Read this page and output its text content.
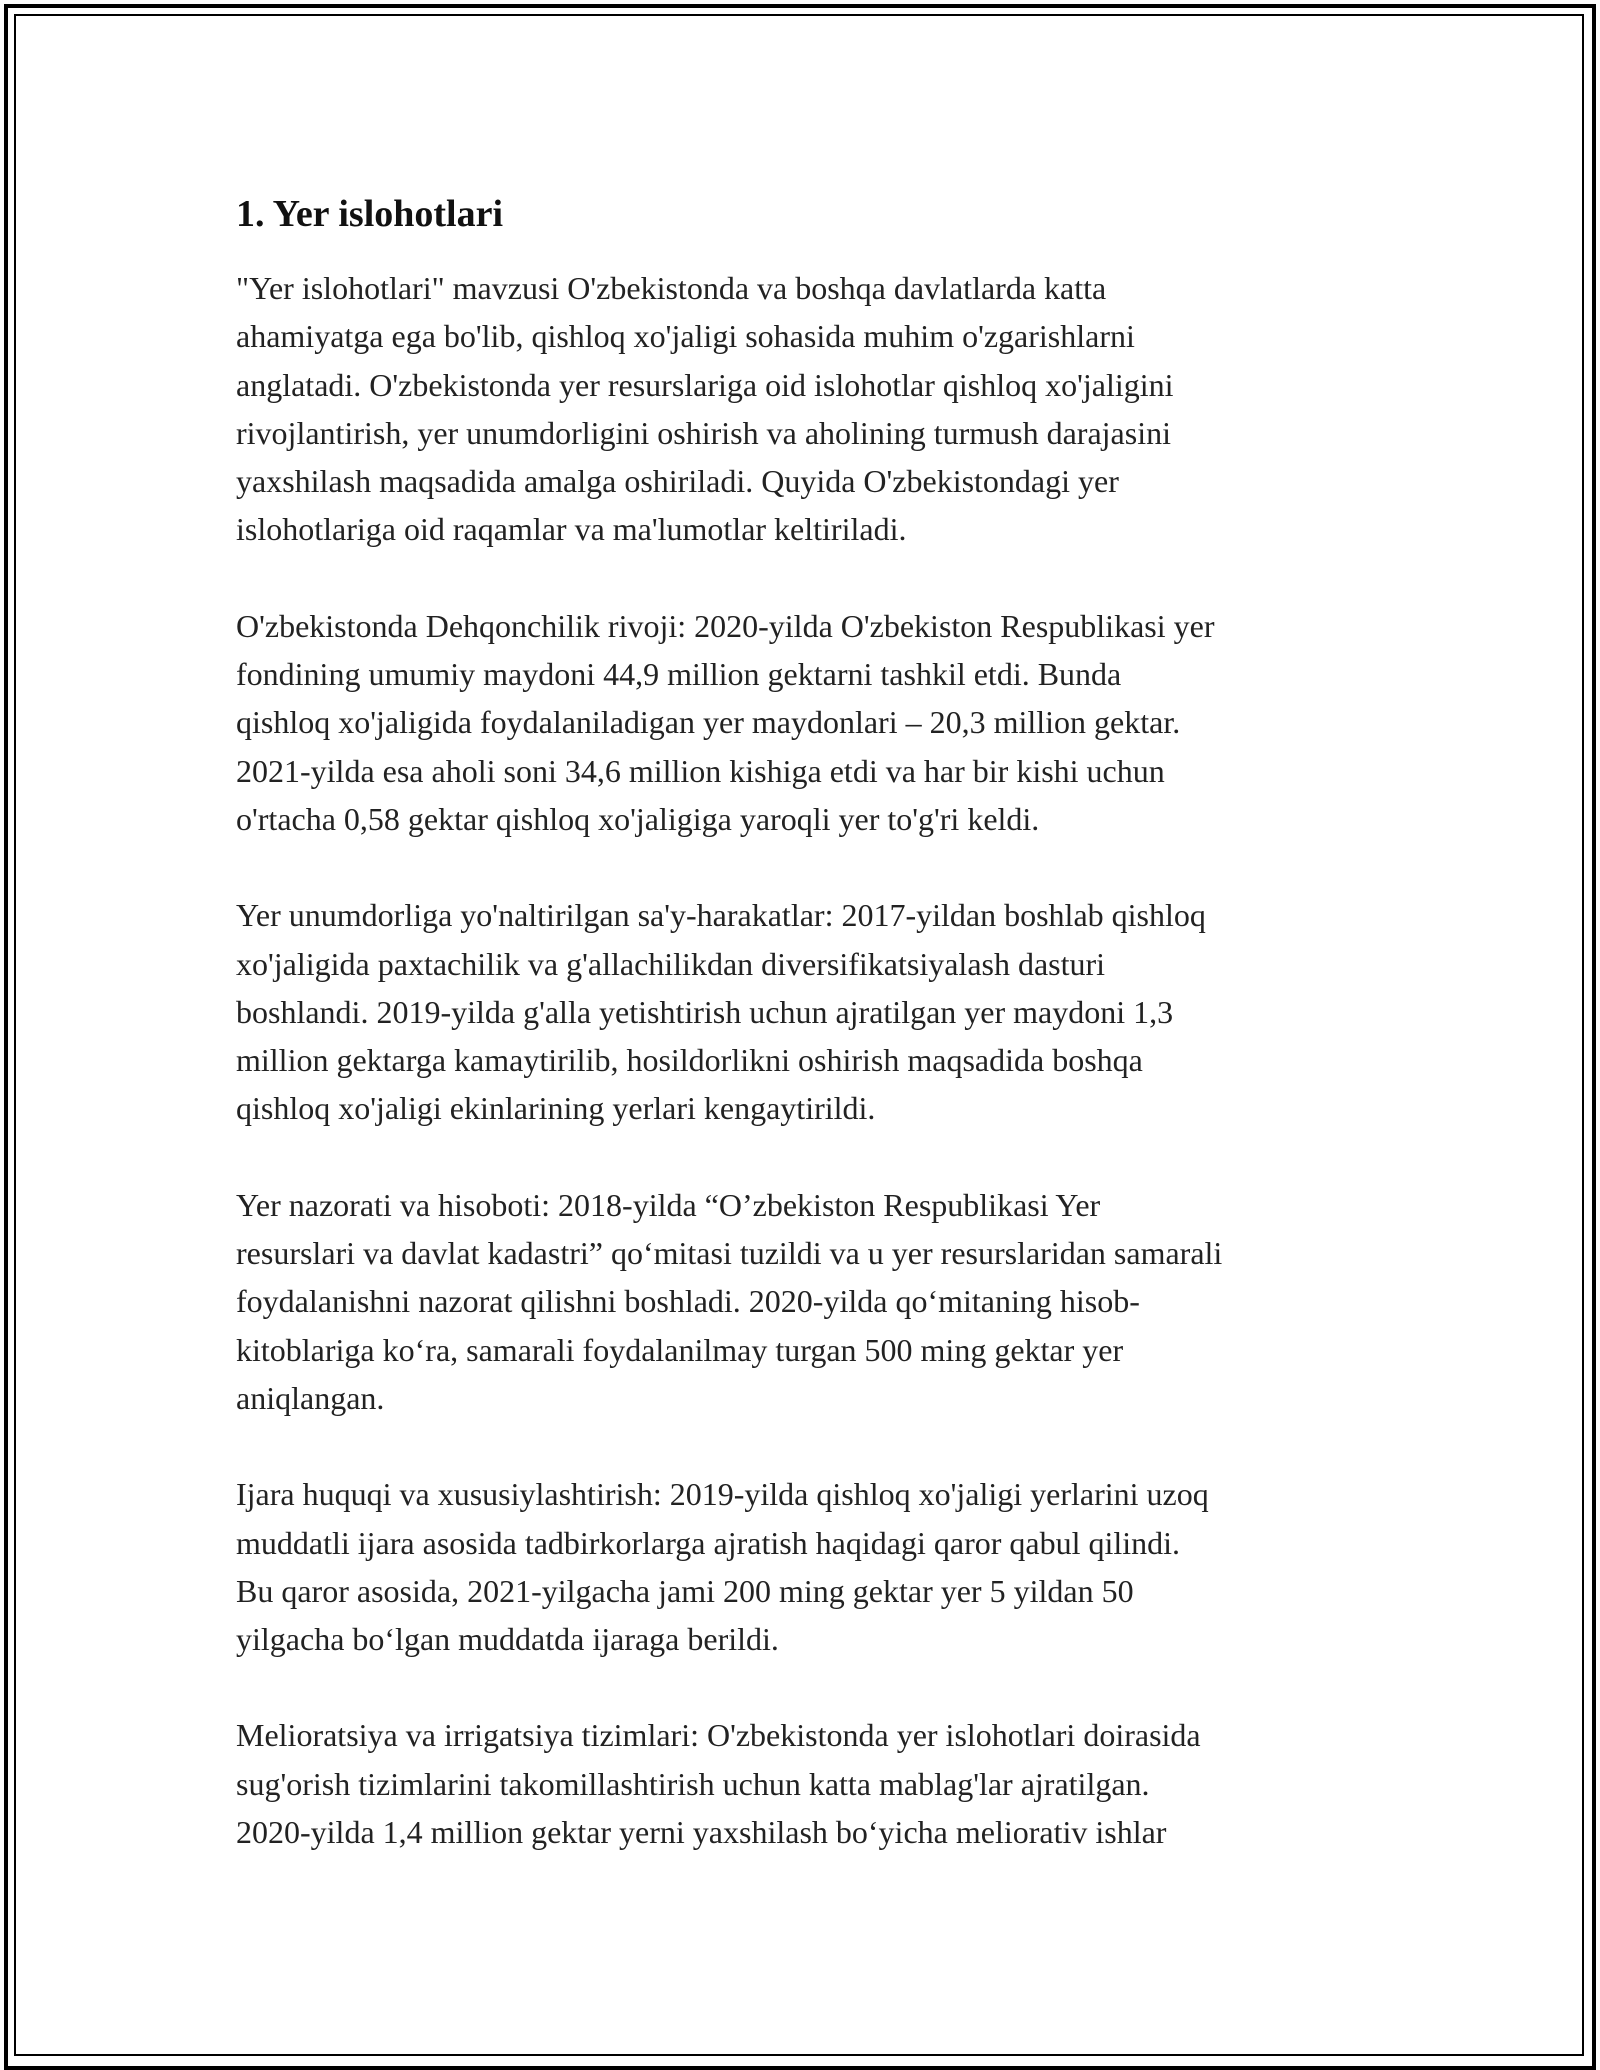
1. Yer islohotlari
"Yer islohotlari" mavzusi O'zbekistonda va boshqa davlatlarda katta
ahamiyatga ega bo'lib, qishloq xo'jaligi sohasida muhim o'zgarishlarni
anglatadi. O'zbekistonda yer resurslariga oid islohotlar qishloq xo'jaligini
rivojlantirish, yer unumdorligini oshirish va aholining turmush darajasini
yaxshilash maqsadida amalga oshiriladi. Quyida O'zbekistondagi yer
islohotlariga oid raqamlar va ma'lumotlar keltiriladi.
O'zbekistonda Dehqonchilik rivoji: 2020-yilda O'zbekiston Respublikasi yer
fondining umumiy maydoni 44,9 million gektarni tashkil etdi. Bunda
qishloq xo'jaligida foydalaniladigan yer maydonlari – 20,3 million gektar.
2021-yilda esa aholi soni 34,6 million kishiga etdi va har bir kishi uchun
o'rtacha 0,58 gektar qishloq xo'jaligiga yaroqli yer to'g'ri keldi.
Yer unumdorliga yo'naltirilgan sa'y-harakatlar: 2017-yildan boshlab qishloq
xo'jaligida paxtachilik va g'allachilikdan diversifikatsiyalash dasturi
boshlandi. 2019-yilda g'alla yetishtirish uchun ajratilgan yer maydoni 1,3
million gektarga kamaytirilib, hosildorlikni oshirish maqsadida boshqa
qishloq xo'jaligi ekinlarining yerlari kengaytirildi.
Yer nazorati va hisoboti: 2018-yilda “O’zbekiston Respublikasi Yer
resurslari va davlat kadastri” qo‘mitasi tuzildi va u yer resurslaridan samarali
foydalanishni nazorat qilishni boshladi. 2020-yilda qo‘mitaning hisob-
kitoblariga ko‘ra, samarali foydalanilmay turgan 500 ming gektar yer
aniqlangan.
Ijara huquqi va xususiylashtirish: 2019-yilda qishloq xo'jaligi yerlarini uzoq
muddatli ijara asosida tadbirkorlarga ajratish haqidagi qaror qabul qilindi.
Bu qaror asosida, 2021-yilgacha jami 200 ming gektar yer 5 yildan 50
yilgacha bo‘lgan muddatda ijaraga berildi.
Melioratsiya va irrigatsiya tizimlari: O'zbekistonda yer islohotlari doirasida
sug'orish tizimlarini takomillashtirish uchun katta mablag'lar ajratilgan.
2020-yilda 1,4 million gektar yerni yaxshilash bo‘yicha meliorativ ishlar
